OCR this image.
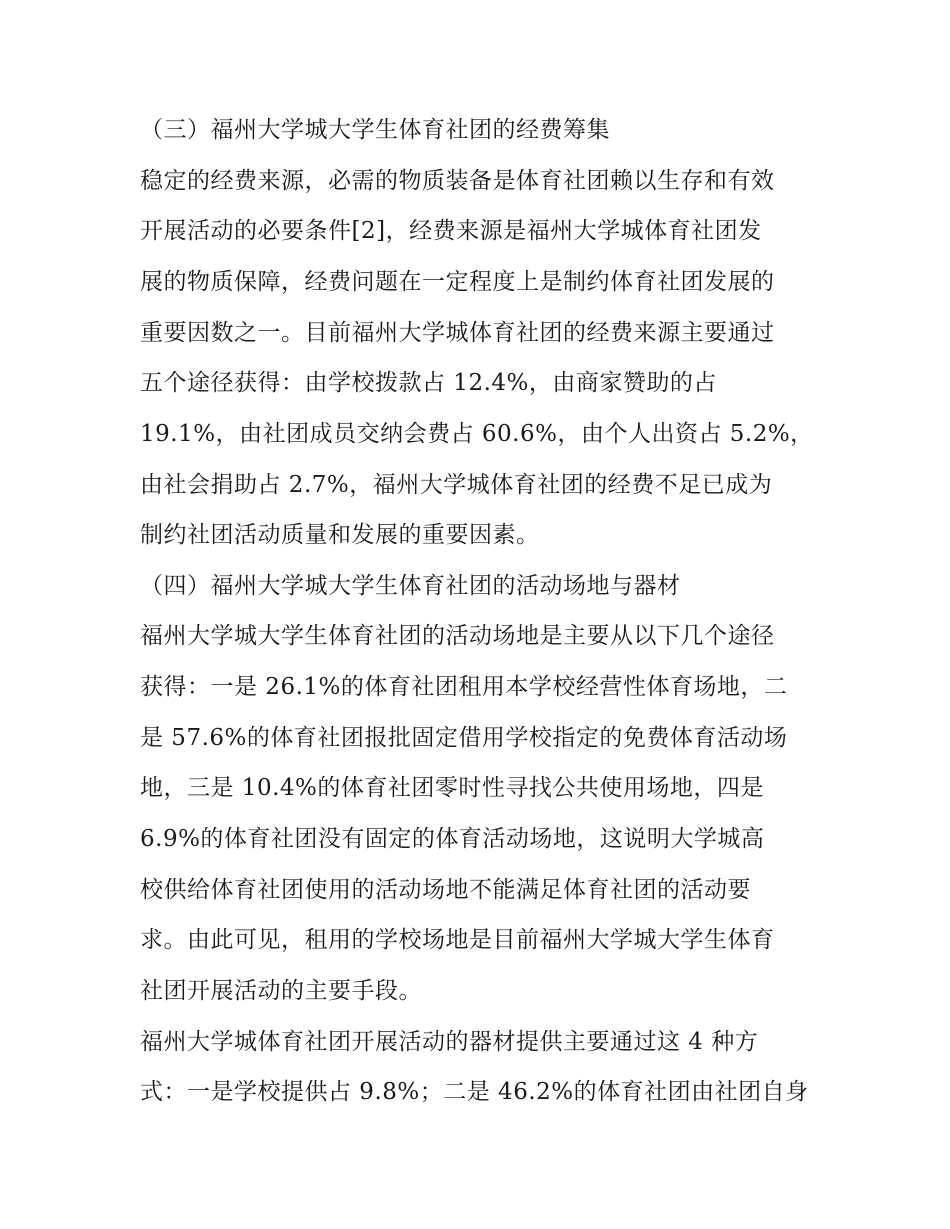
（三）福州大学城大学生体育社团的经费筹集
稳定的经费来源，必需的物质装备是体育社团赖以生存和有效
开展活动的必要条件[2]，经费来源是福州大学城体育社团发
展的物质保障，经费问题在一定程度上是制约体育社团发展的
重要因数之一。目前福州大学城体育社团的经费来源主要通过
五个途径获得：由学校拨款占 12.4%，由商家赞助的占
19.1%，由社团成员交纳会费占 60.6%，由个人出资占 5.2%，
由社会捐助占 2.7%，福州大学城体育社团的经费不足已成为
制约社团活动质量和发展的重要因素。
（四）福州大学城大学生体育社团的活动场地与器材
福州大学城大学生体育社团的活动场地是主要从以下几个途径
获得：一是 26.1%的体育社团租用本学校经营性体育场地，二
是 57.6%的体育社团报批固定借用学校指定的免费体育活动场
地，三是 10.4%的体育社团零时性寻找公共使用场地，四是
6.9%的体育社团没有固定的体育活动场地，这说明大学城高
校供给体育社团使用的活动场地不能满足体育社团的活动要
求。由此可见，租用的学校场地是目前福州大学城大学生体育
社团开展活动的主要手段。
福州大学城体育社团开展活动的器材提供主要通过这 4 种方
式：一是学校提供占 9.8%；二是 46.2%的体育社团由社团自身
